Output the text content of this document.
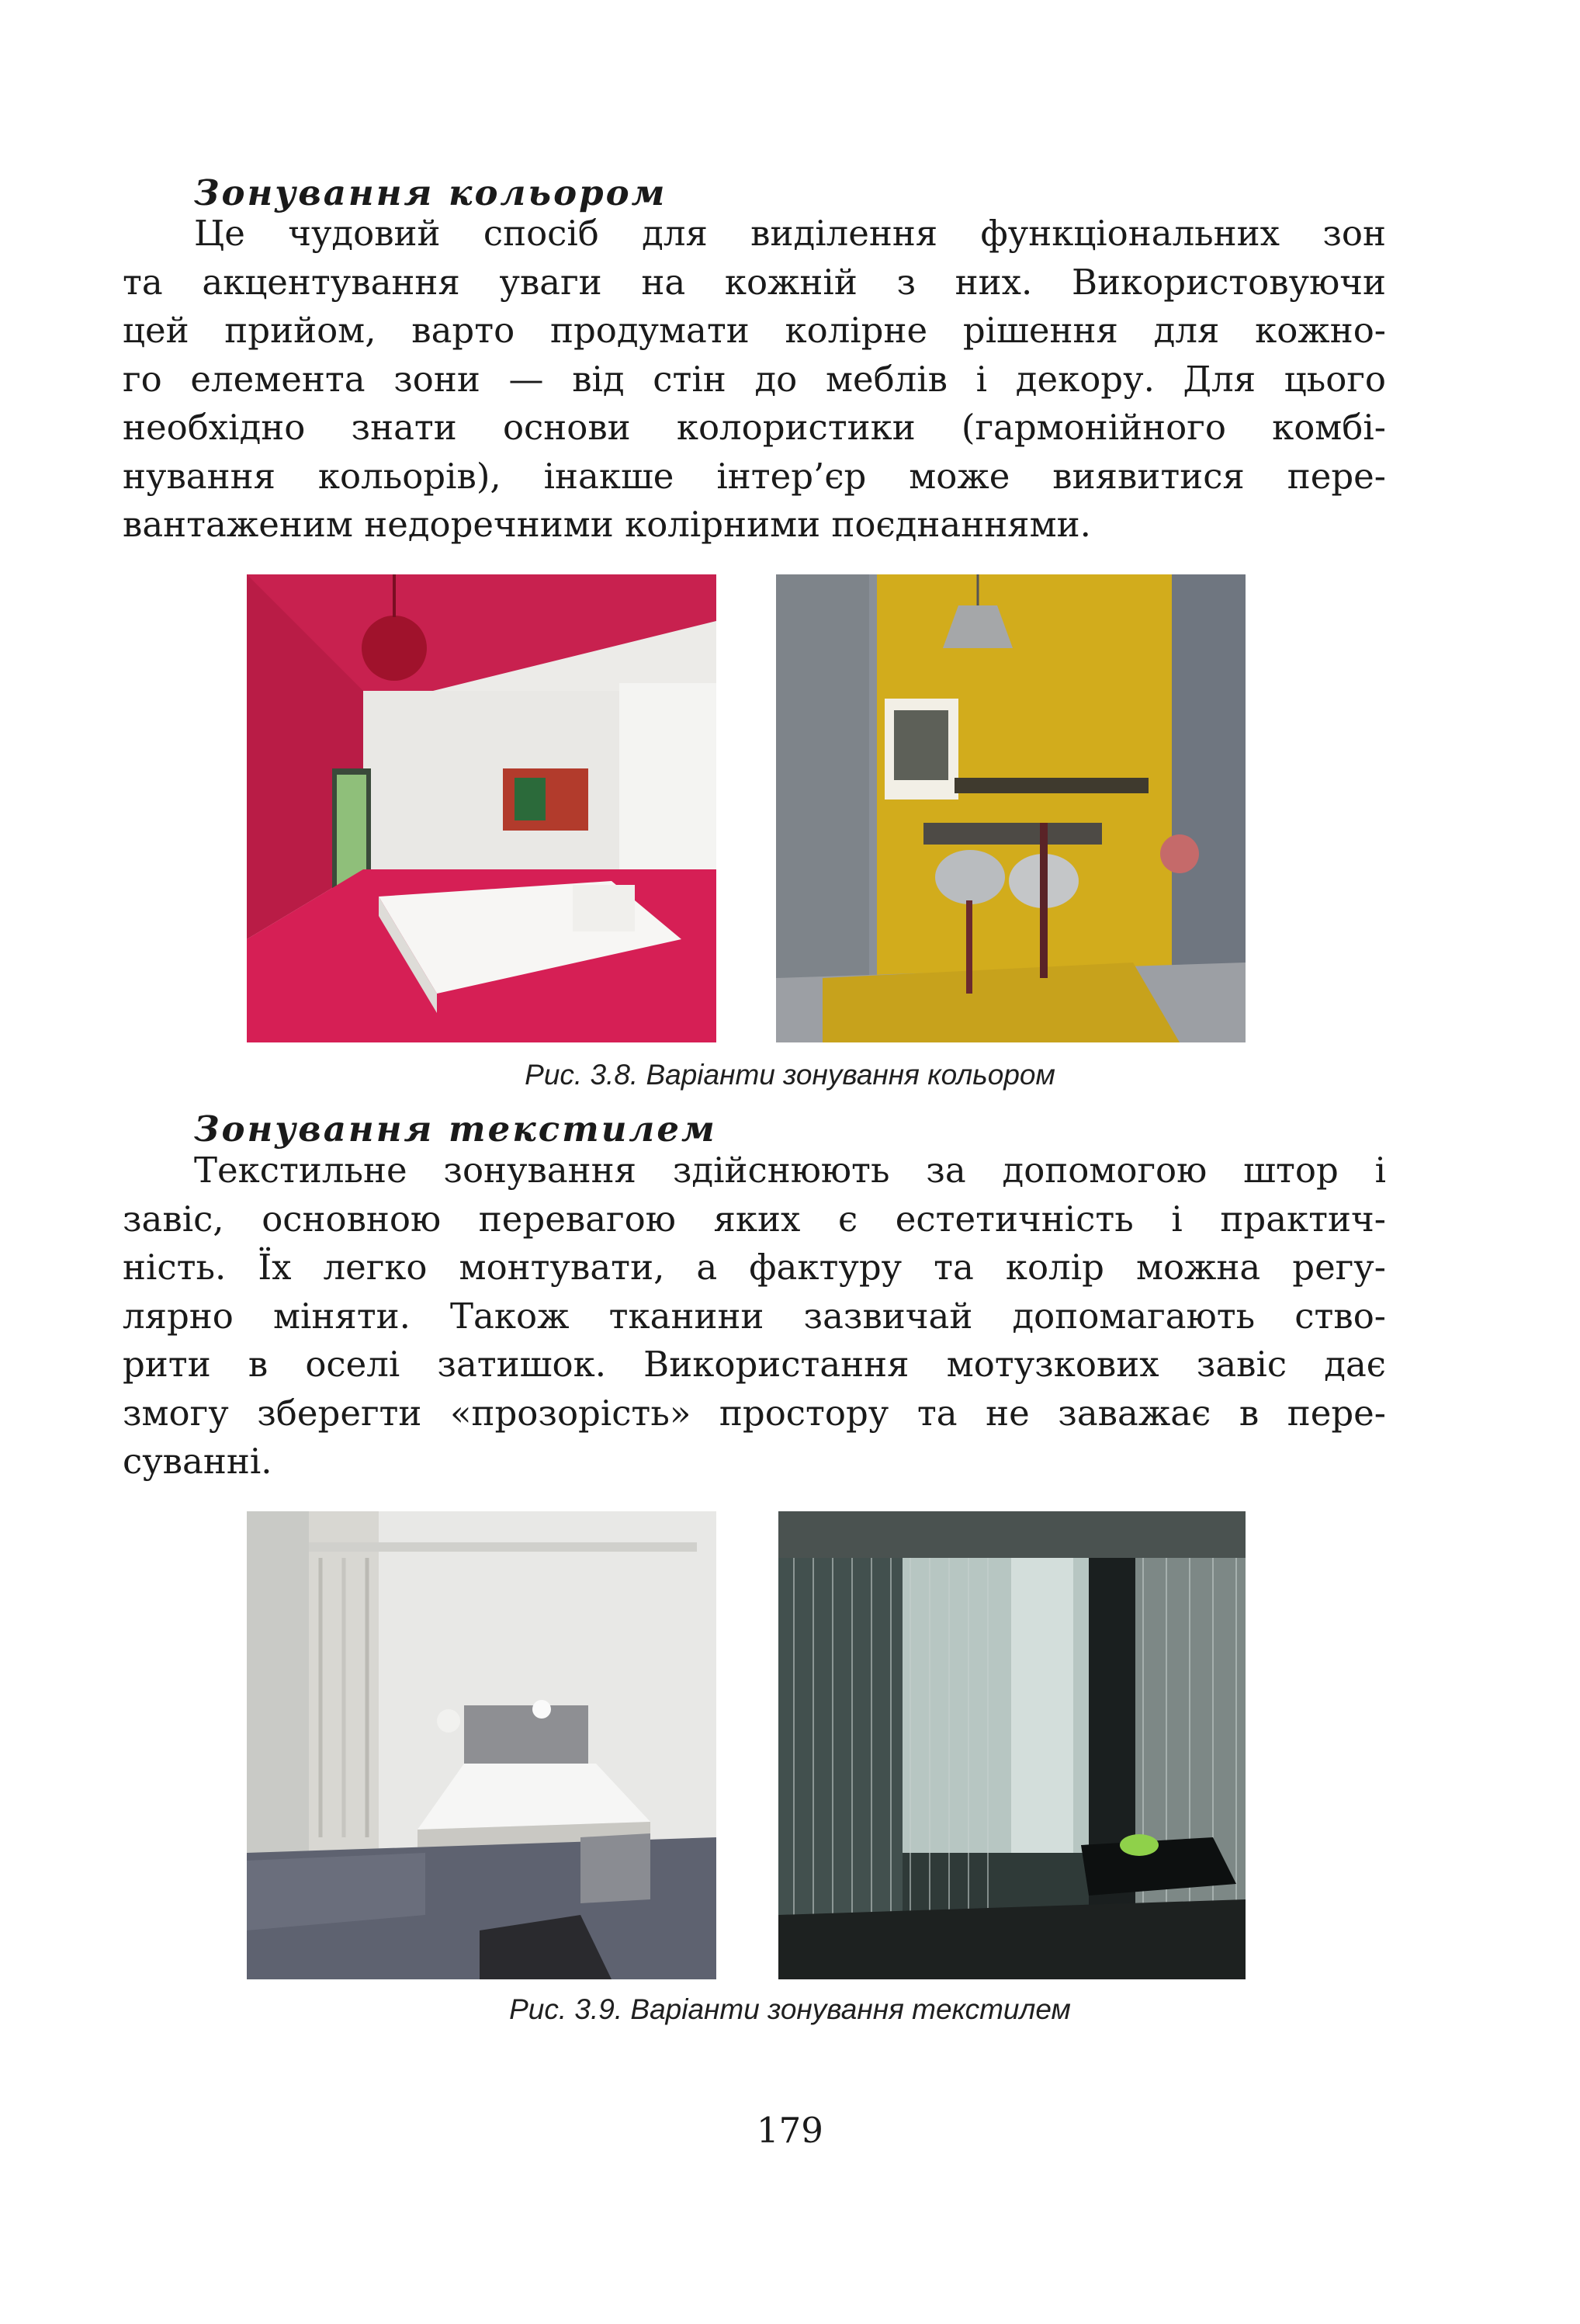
Зонування кольором
Це чудовий спосіб для виділення функціональних зон
та акцентування уваги на кожній з них. Використовуючи
цей прийом, варто продумати колірне рішення для кожно-
го елемента зони — від стін до меблів і декору. Для цього
необхідно знати основи колористики (гармонійного комбі-
нування кольорів), інакше інтер’єр може виявитися пере-
вантаженим недоречними колірними поєднаннями.
Рис. 3.8. Варіанти зонування кольором
Зонування текстилем
Текстильне зонування здійснюють за допомогою штор і
завіс, основною перевагою яких є естетичність і практич-
ність. Їх легко монтувати, а фактуру та колір можна регу-
лярно міняти. Також тканини зазвичай допомагають ство-
рити в оселі затишок. Використання мотузкових завіс дає
змогу зберегти «прозорість» простору та не заважає в пере-
суванні.
Рис. 3.9. Варіанти зонування текстилем
179
